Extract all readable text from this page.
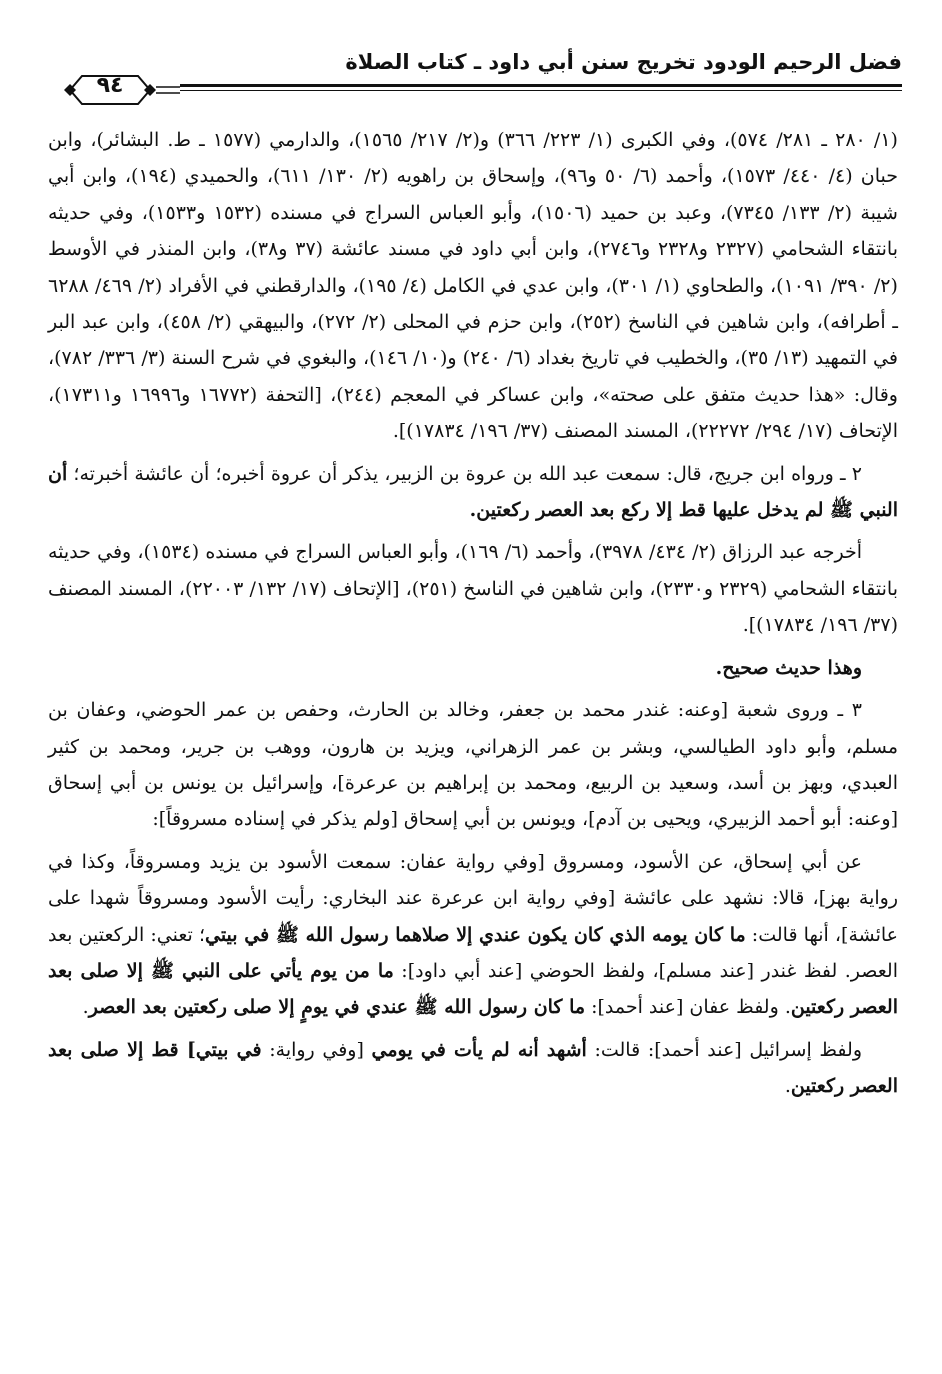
فضل الرحيم الودود تخريج سنن أبي داود ـ كتاب الصلاة
٩٤

(١/ ٢٨٠ ـ ٢٨١/ ٥٧٤)، وفي الكبرى (١/ ٢٢٣/ ٣٦٦) و(٢/ ٢١٧/ ١٥٦٥)، والدارمي (١٥٧٧ ـ ط. البشائر)، وابن حبان (٤/ ٤٤٠/ ١٥٧٣)، وأحمد (٦/ ٥٠ و٩٦)، وإسحاق بن راهويه (٢/ ١٣٠/ ٦١١)، والحميدي (١٩٤)، وابن أبي شيبة (٢/ ١٣٣/ ٧٣٤٥)، وعبد بن حميد (١٥٠٦)، وأبو العباس السراج في مسنده (١٥٣٢ و١٥٣٣)، وفي حديثه بانتقاء الشحامي (٢٣٢٧ و٢٣٢٨ و٢٧٤٦)، وابن أبي داود في مسند عائشة (٣٧ و٣٨)، وابن المنذر في الأوسط (٢/ ٣٩٠/ ١٠٩١)، والطحاوي (١/ ٣٠١)، وابن عدي في الكامل (٤/ ١٩٥)، والدارقطني في الأفراد (٢/ ٤٦٩/ ٦٢٨٨ ـ أطرافه)، وابن شاهين في الناسخ (٢٥٢)، وابن حزم في المحلى (٢/ ٢٧٢)، والبيهقي (٢/ ٤٥٨)، وابن عبد البر في التمهيد (١٣/ ٣٥)، والخطيب في تاريخ بغداد (٦/ ٢٤٠) و(١٠/ ١٤٦)، والبغوي في شرح السنة (٣/ ٣٣٦/ ٧٨٢)، وقال: «هذا حديث متفق على صحته»، وابن عساكر في المعجم (٢٤٤)، [التحفة (١٦٧٧٢ و١٦٩٩٦ و١٧٣١١)، الإتحاف (١٧/ ٢٩٤/ ٢٢٢٧٢)، المسند المصنف (٣٧/ ١٩٦/ ١٧٨٣٤)].

٢ ـ ورواه ابن جريج، قال: سمعت عبد الله بن عروة بن الزبير، يذكر أن عروة أخبره؛ أن عائشة أخبرته؛ أن النبي ﷺ لم يدخل عليها قط إلا ركع بعد العصر ركعتين.

أخرجه عبد الرزاق (٢/ ٤٣٤/ ٣٩٧٨)، وأحمد (٦/ ١٦٩)، وأبو العباس السراج في مسنده (١٥٣٤)، وفي حديثه بانتقاء الشحامي (٢٣٢٩ و٢٣٣٠)، وابن شاهين في الناسخ (٢٥١)، [الإتحاف (١٧/ ١٣٢/ ٢٢٠٠٣)، المسند المصنف (٣٧/ ١٩٦/ ١٧٨٣٤)].

وهذا حديث صحيح.

٣ ـ وروى شعبة [وعنه: غندر محمد بن جعفر، وخالد بن الحارث، وحفص بن عمر الحوضي، وعفان بن مسلم، وأبو داود الطيالسي، وبشر بن عمر الزهراني، ويزيد بن هارون، ووهب بن جرير، ومحمد بن كثير العبدي، وبهز بن أسد، وسعيد بن الربيع، ومحمد بن إبراهيم بن عرعرة]، وإسرائيل بن يونس بن أبي إسحاق [وعنه: أبو أحمد الزبيري، ويحيى بن آدم]، ويونس بن أبي إسحاق [ولم يذكر في إسناده مسروقاً]:

عن أبي إسحاق، عن الأسود، ومسروق [وفي رواية عفان: سمعت الأسود بن يزيد ومسروقاً، وكذا في رواية بهز]، قالا: نشهد على عائشة [وفي رواية ابن عرعرة عند البخاري: رأيت الأسود ومسروقاً شهدا على عائشة]، أنها قالت: ما كان يومه الذي كان يكون عندي إلا صلاهما رسول الله ﷺ في بيتي؛ تعني: الركعتين بعد العصر. لفظ غندر [عند مسلم]، ولفظ الحوضي [عند أبي داود]: ما من يوم يأتي على النبي ﷺ إلا صلى بعد العصر ركعتين. ولفظ عفان [عند أحمد]: ما كان رسول الله ﷺ عندي في يومٍ إلا صلى ركعتين بعد العصر.

ولفظ إسرائيل [عند أحمد]: قالت: أشهد أنه لم يأت في يومي [وفي رواية: في بيتي] قط إلا صلى بعد العصر ركعتين.
